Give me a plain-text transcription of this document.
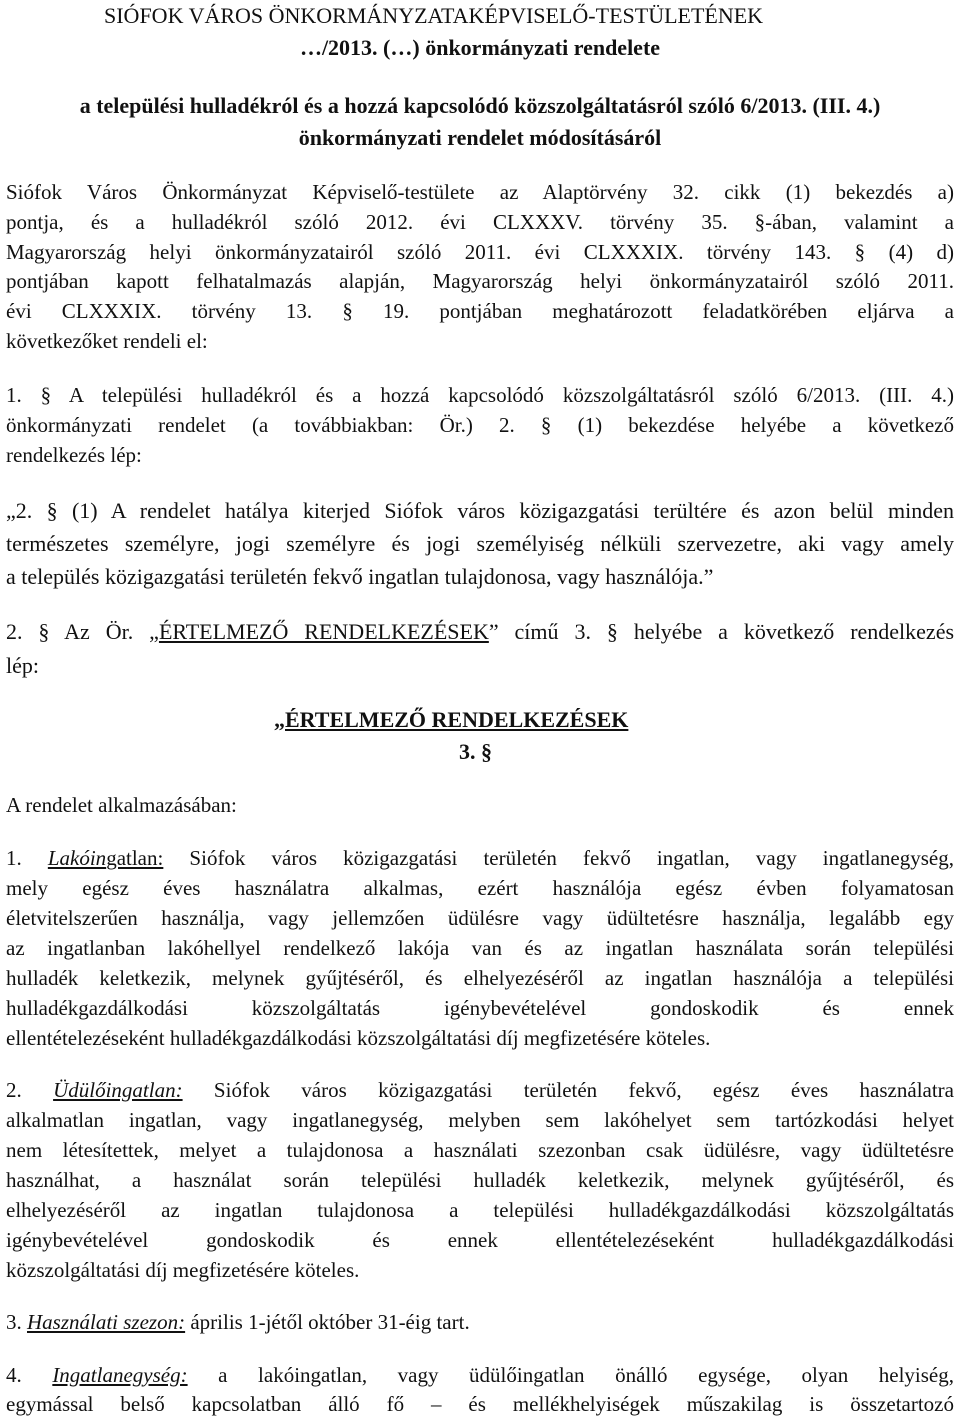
SIÓFOK VÁROS ÖNKORMÁNYZATAKÉPVISELŐ-TESTÜLETÉNEK
…/2013. (…) önkormányzati rendelete
a települési hulladékról és a hozzá kapcsolódó közszolgáltatásról szóló 6/2013. (III. 4.)
önkormányzati rendelet módosításáról
Siófok Város Önkormányzat Képviselő-testülete az Alaptörvény 32. cikk (1) bekezdés a)
pontja, és a hulladékról szóló 2012. évi CLXXXV. törvény 35. §-ában, valamint a
Magyarország helyi önkormányzatairól szóló 2011. évi CLXXXIX. törvény 143. § (4) d)
pontjában kapott felhatalmazás alapján, Magyarország helyi önkormányzatairól szóló 2011.
évi CLXXXIX. törvény 13. § 19. pontjában meghatározott feladatkörében eljárva a
következőket rendeli el:
1. § A települési hulladékról és a hozzá kapcsolódó közszolgáltatásról szóló 6/2013. (III. 4.)
önkormányzati rendelet (a továbbiakban: Ör.) 2. § (1) bekezdése helyébe a következő
rendelkezés lép:
„2. § (1) A rendelet hatálya kiterjed Siófok város közigazgatási terültére és azon belül minden
természetes személyre, jogi személyre és jogi személyiség nélküli szervezetre, aki vagy amely
a település közigazgatási területén fekvő ingatlan tulajdonosa, vagy használója.”
2. § Az Ör. „ÉRTELMEZŐ RENDELKEZÉSEK” című 3. § helyébe a következő rendelkezés
lép:
„ÉRTELMEZŐ RENDELKEZÉSEK
3. §
A rendelet alkalmazásában:
1. Lakóingatlan: Siófok város közigazgatási területén fekvő ingatlan, vagy ingatlanegység,
mely egész éves használatra alkalmas, ezért használója egész évben folyamatosan
életvitelszerűen használja, vagy jellemzően üdülésre vagy üdültetésre használja, legalább egy
az ingatlanban lakóhellyel rendelkező lakója van és az ingatlan használata során települési
hulladék keletkezik, melynek gyűjtéséről, és elhelyezéséről az ingatlan használója a települési
hulladékgazdálkodási közszolgáltatás igénybevételével gondoskodik és ennek
ellentételezéseként hulladékgazdálkodási közszolgáltatási díj megfizetésére köteles.
2. Üdülőingatlan: Siófok város közigazgatási területén fekvő, egész éves használatra
alkalmatlan ingatlan, vagy ingatlanegység, melyben sem lakóhelyet sem tartózkodási helyet
nem létesítettek, melyet a tulajdonosa a használati szezonban csak üdülésre, vagy üdültetésre
használhat, a használat során települési hulladék keletkezik, melynek gyűjtéséről, és
elhelyezéséről az ingatlan tulajdonosa a települési hulladékgazdálkodási közszolgáltatás
igénybevételével gondoskodik és ennek ellentételezéseként hulladékgazdálkodási
közszolgáltatási díj megfizetésére köteles.
3. Használati szezon: április 1-jétől október 31-éig tart.
4. Ingatlanegység: a lakóingatlan, vagy üdülőingatlan önálló egysége, olyan helyiség,
egymással belső kapcsolatban álló fő – és mellékhelyiségek műszakilag is összetartozó
